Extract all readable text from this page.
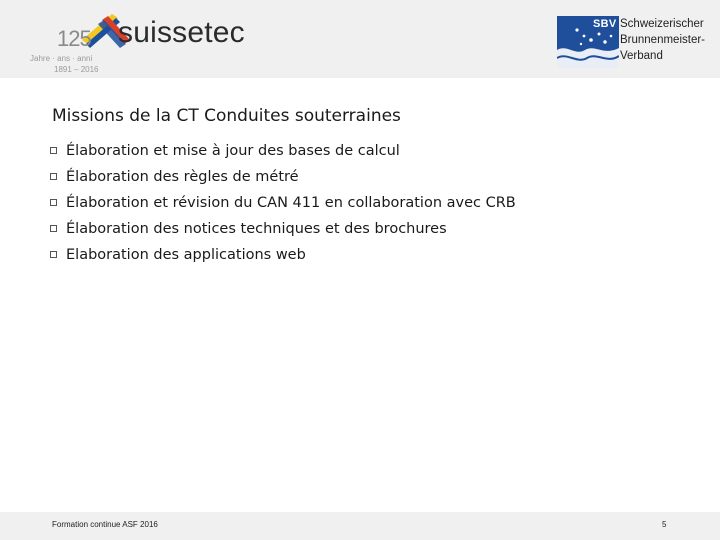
125 suissetec
Jahre · ans · anni
1891 – 2016
SBV Schweizerischer
Brunnenmeister-
Verband
Missions de la CT Conduites souterraines
Élaboration et mise à jour des bases de calcul
Élaboration des règles de métré
Élaboration et révision du CAN 411 en collaboration avec CRB
Élaboration des notices techniques et des brochures
Elaboration des applications web
Formation continue ASF 2016	5
